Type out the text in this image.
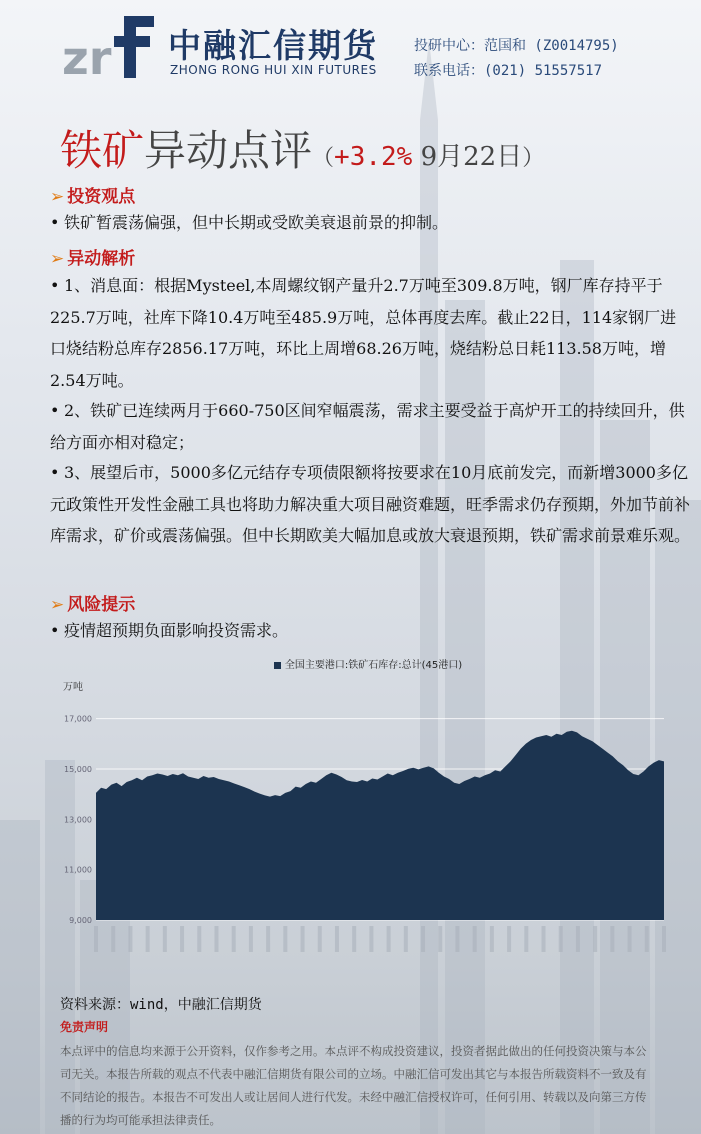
zr 中融汇信期货
ZHONG RONG HUI XIN FUTURES
投研中心：范国和 (Z0014795)
联系电话：(021) 51557517
铁矿异动点评（+3.2% 9月22日）
➢ 投资观点
• 铁矿暂震荡偏强，但中长期或受欧美衰退前景的抑制。
➢ 异动解析
• 1、消息面：根据Mysteel,本周螺纹钢产量升2.7万吨至309.8万吨，钢厂库存持平于225.7万吨，社库下降10.4万吨至485.9万吨，总体再度去库。截止22日，114家钢厂进口烧结粉总库存2856.17万吨，环比上周增68.26万吨，烧结粉总日耗113.58万吨，增2.54万吨。
• 2、铁矿已连续两月于660-750区间窄幅震荡，需求主要受益于高炉开工的持续回升，供给方面亦相对稳定；
• 3、展望后市，5000多亿元结存专项债限额将按要求在10月底前发完，而新增3000多亿元政策性开发性金融工具也将助力解决重大项目融资难题，旺季需求仍存预期，外加节前补库需求，矿价或震荡偏强。但中长期欧美大幅加息或放大衰退预期，铁矿需求前景难乐观。
➢ 风险提示
• 疫情超预期负面影响投资需求。
全国主要港口:铁矿石库存:总计(45港口)
万吨
17,000
15,000
13,000
11,000
9,000
资料来源：wind，中融汇信期货
免责声明
本点评中的信息均来源于公开资料，仅作参考之用。本点评不构成投资建议，投资者据此做出的任何投资决策与本公司无关。本报告所载的观点不代表中融汇信期货有限公司的立场。中融汇信可发出其它与本报告所载资料不一致及有不同结论的报告。本报告不可发出人或让居间人进行代发。未经中融汇信授权许可，任何引用、转载以及向第三方传播的行为均可能承担法律责任。
